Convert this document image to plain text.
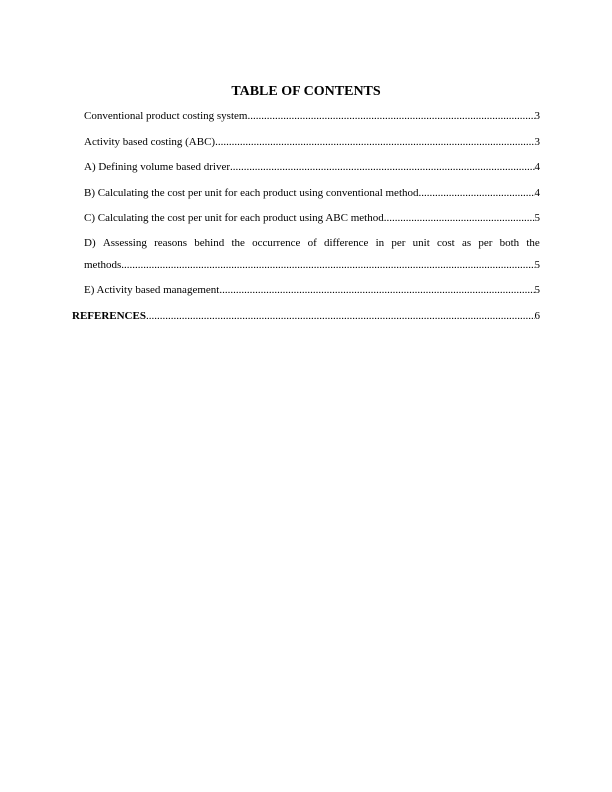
TABLE OF CONTENTS
Conventional product costing system .....	3
Activity based costing (ABC) .....	3
A) Defining volume based driver .....	4
B) Calculating the cost per unit for each product using conventional method .....	4
C) Calculating the cost per unit for each product using ABC method .....	5
D) Assessing reasons behind the occurrence of difference in per unit cost as per both the
methods .....	5
E) Activity based management .....	5
REFERENCES .....	6
